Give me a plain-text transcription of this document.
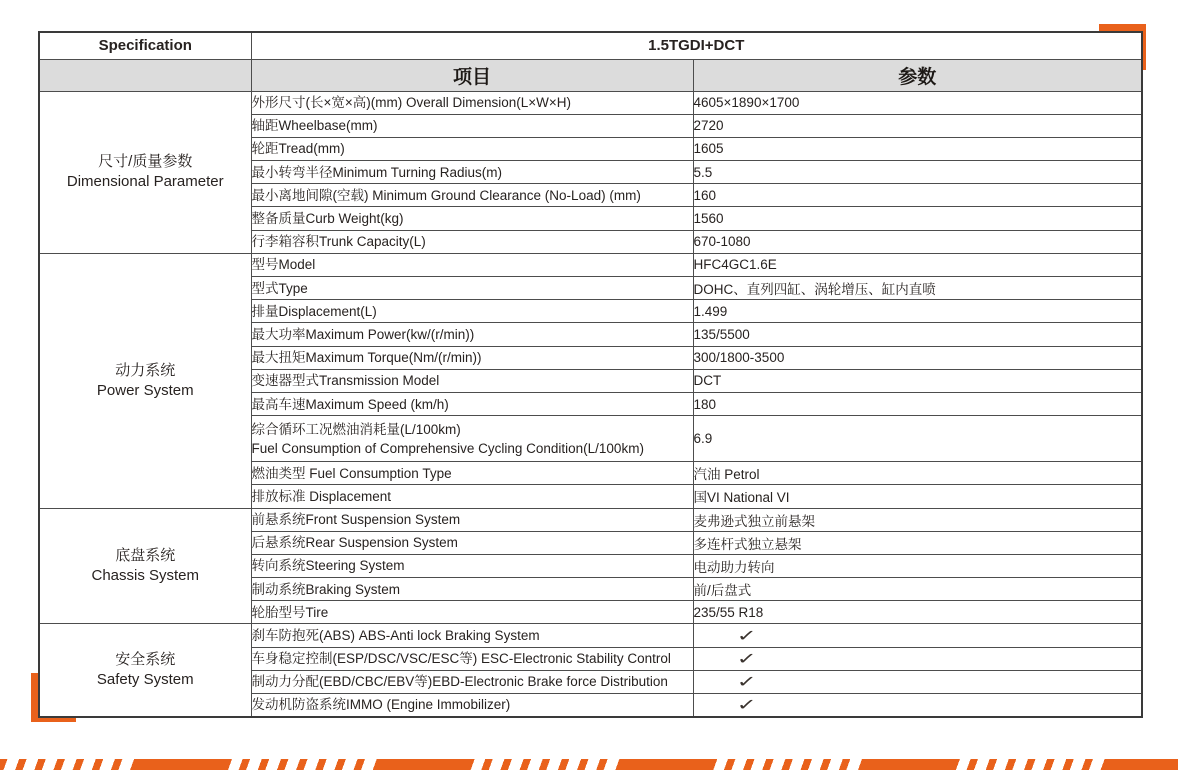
Specification	1.5TGDI+DCT	
	项目	参数

尺寸/质量参数
Dimensional Parameter	外形尺寸(长×宽×高)(mm) Overall Dimension(L×W×H)	4605×1890×1700
	轴距Wheelbase(mm)	2720
	轮距Tread(mm)	1605
	最小转弯半径Minimum Turning Radius(m)	5.5
	最小离地间隙(空载) Minimum Ground Clearance (No-Load) (mm)	160
	整备质量Curb Weight(kg)	1560
	行李箱容积Trunk Capacity(L)	670-1080

动力系统
Power System	型号Model	HFC4GC1.6E
	型式Type	DOHC、直列四缸、涡轮增压、缸内直喷
	排量Displacement(L)	1.499
	最大功率Maximum Power(kw/(r/min))	135/5500
	最大扭矩Maximum Torque(Nm/(r/min))	300/1800-3500
	变速器型式Transmission Model	DCT
	最高车速Maximum Speed (km/h)	180

	综合循环工况燃油消耗量(L/100km)
Fuel Consumption of Comprehensive Cycling Condition(L/100km)	6.9
	燃油类型 Fuel Consumption Type	汽油 Petrol
	排放标准 Displacement	国VI National VI

底盘系统
Chassis System	前悬系统Front Suspension System	麦弗逊式独立前悬架
	后悬系统Rear Suspension System	多连杆式独立悬架
	转向系统Steering System	电动助力转向
	制动系统Braking System	前/后盘式
	轮胎型号Tire	235/55 R18

安全系统
Safety System	刹车防抱死(ABS) ABS-Anti lock Braking System	✓
	车身稳定控制(ESP/DSC/VSC/ESC等) ESC-Electronic Stability Control	✓
	制动力分配(EBD/CBC/EBV等)EBD-Electronic Brake force Distribution	✓
	发动机防盗系统IMMO (Engine Immobilizer)	✓
